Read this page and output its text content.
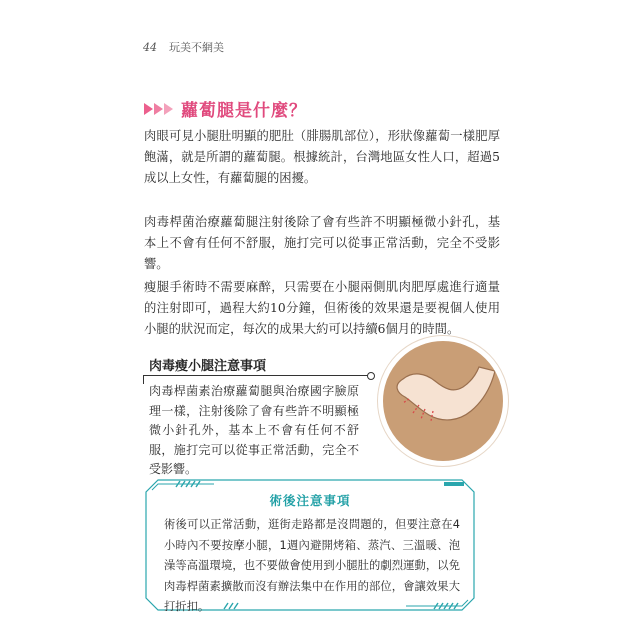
44 玩美不網美
蘿蔔腿是什麼？

肉眼可見小腿肚明顯的肥肚（腓腸肌部位），形狀像蘿蔔一樣肥厚飽滿，就是所謂的蘿蔔腿。根據統計，台灣地區女性人口，超過5成以上女性，有蘿蔔腿的困擾。

肉毒桿菌治療蘿蔔腿注射後除了會有些許不明顯極微小針孔，基本上不會有任何不舒服，施打完可以從事正常活動，完全不受影響。

瘦腿手術時不需要麻醉，只需要在小腿兩側肌肉肥厚處進行適量的注射即可，過程大約10分鐘，但術後的效果還是要視個人使用小腿的狀況而定，每次的成果大約可以持續6個月的時間。

肉毒瘦小腿注意事項

肉毒桿菌素治療蘿蔔腿與治療國字臉原理一樣，注射後除了會有些許不明顯極微小針孔外，基本上不會有任何不舒服，施打完可以從事正常活動，完全不受影響。

術後注意事項

術後可以正常活動，逛街走路都是沒問題的，但要注意在4小時內不要按摩小腿，1週內避開烤箱、蒸汽、三溫暖、泡澡等高溫環境，也不要做會使用到小腿肚的劇烈運動，以免肉毒桿菌素擴散而沒有辦法集中在作用的部位，會讓效果大打折扣。
